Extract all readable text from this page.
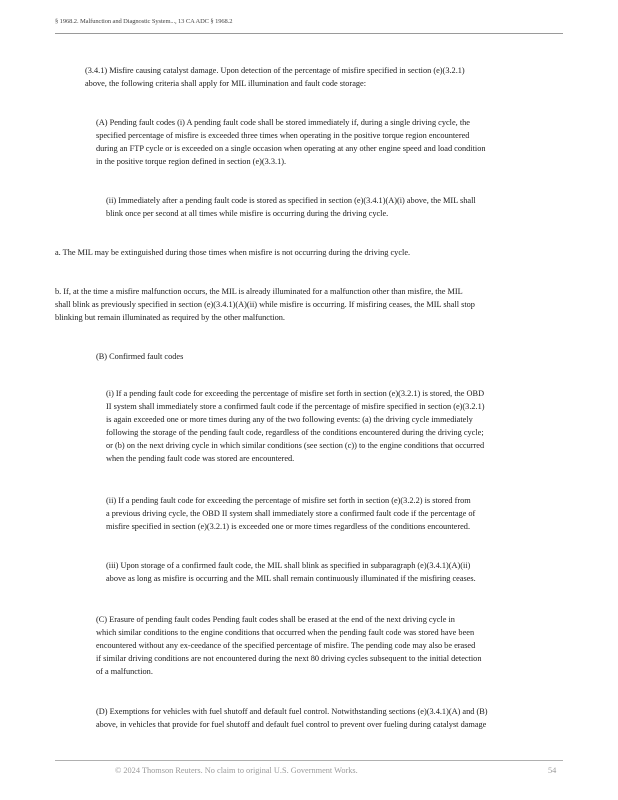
§ 1968.2. Malfunction and Diagnostic System..., 13 CA ADC § 1968.2

(3.4.1) Misfire causing catalyst damage. Upon detection of the percentage of misfire specified in section (e)(3.2.1)
above, the following criteria shall apply for MIL illumination and fault code storage:

(A) Pending fault codes (i) A pending fault code shall be stored immediately if, during a single driving cycle, the
specified percentage of misfire is exceeded three times when operating in the positive torque region encountered
during an FTP cycle or is exceeded on a single occasion when operating at any other engine speed and load condition
in the positive torque region defined in section (e)(3.3.1).

(ii) Immediately after a pending fault code is stored as specified in section (e)(3.4.1)(A)(i) above, the MIL shall
blink once per second at all times while misfire is occurring during the driving cycle.

a. The MIL may be extinguished during those times when misfire is not occurring during the driving cycle.

b. If, at the time a misfire malfunction occurs, the MIL is already illuminated for a malfunction other than misfire, the MIL
shall blink as previously specified in section (e)(3.4.1)(A)(ii) while misfire is occurring. If misfiring ceases, the MIL shall stop
blinking but remain illuminated as required by the other malfunction.

(B) Confirmed fault codes

(i) If a pending fault code for exceeding the percentage of misfire set forth in section (e)(3.2.1) is stored, the OBD
II system shall immediately store a confirmed fault code if the percentage of misfire specified in section (e)(3.2.1)
is again exceeded one or more times during any of the two following events: (a) the driving cycle immediately
following the storage of the pending fault code, regardless of the conditions encountered during the driving cycle;
or (b) on the next driving cycle in which similar conditions (see section (c)) to the engine conditions that occurred
when the pending fault code was stored are encountered.

(ii) If a pending fault code for exceeding the percentage of misfire set forth in section (e)(3.2.2) is stored from
a previous driving cycle, the OBD II system shall immediately store a confirmed fault code if the percentage of
misfire specified in section (e)(3.2.1) is exceeded one or more times regardless of the conditions encountered.

(iii) Upon storage of a confirmed fault code, the MIL shall blink as specified in subparagraph (e)(3.4.1)(A)(ii)
above as long as misfire is occurring and the MIL shall remain continuously illuminated if the misfiring ceases.

(C) Erasure of pending fault codes Pending fault codes shall be erased at the end of the next driving cycle in
which similar conditions to the engine conditions that occurred when the pending fault code was stored have been
encountered without any ex-ceedance of the specified percentage of misfire. The pending code may also be erased
if similar driving conditions are not encountered during the next 80 driving cycles subsequent to the initial detection
of a malfunction.

(D) Exemptions for vehicles with fuel shutoff and default fuel control. Notwithstanding sections (e)(3.4.1)(A) and (B)
above, in vehicles that provide for fuel shutoff and default fuel control to prevent over fueling during catalyst damage

© 2024 Thomson Reuters. No claim to original U.S. Government Works.	54
